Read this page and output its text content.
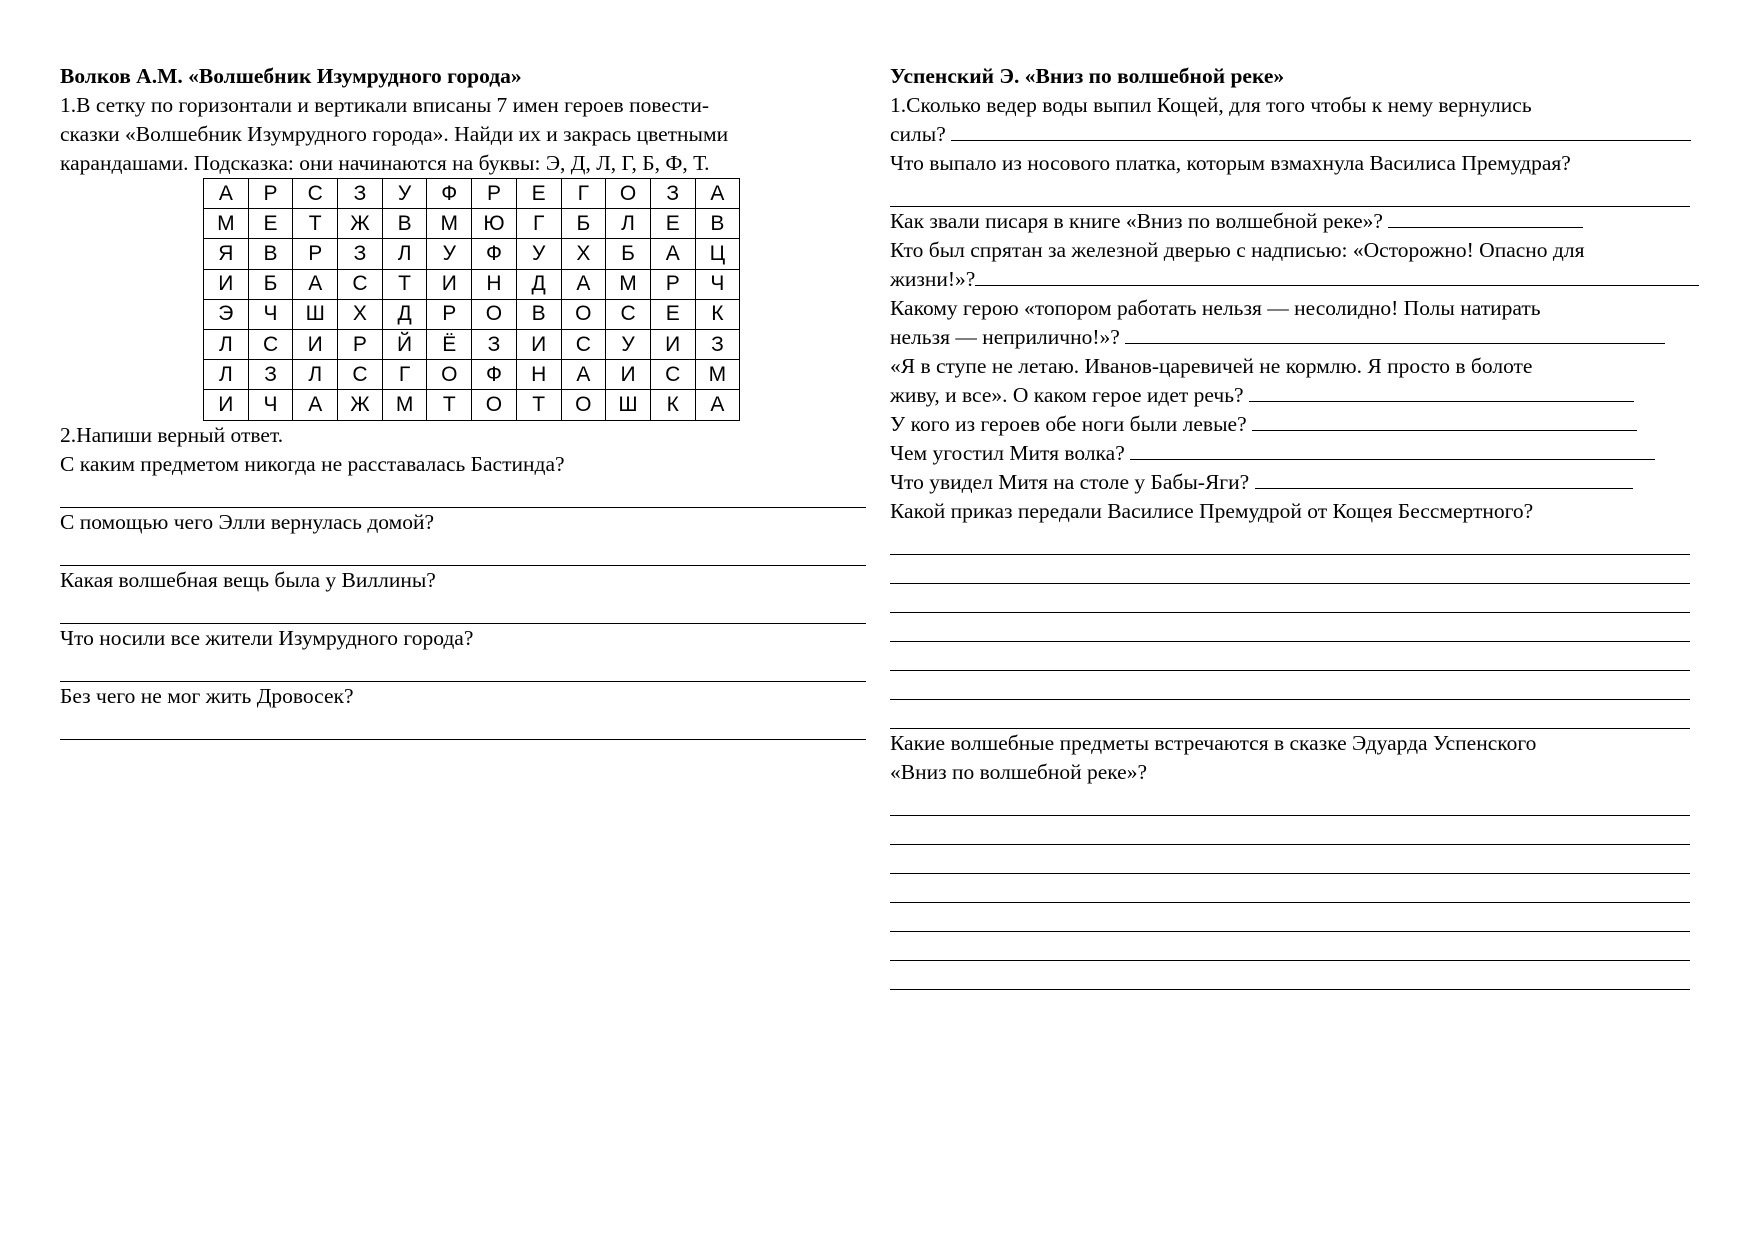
Волков А.М. «Волшебник Изумрудного города»
1.В сетку по горизонтали и вертикали вписаны 7 имен героев повести-
сказки «Волшебник Изумрудного города». Найди их и закрась цветными
карандашами. Подсказка: они начинаются на буквы: Э, Д, Л, Г, Б, Ф, Т.
А	Р	С	З	У	Ф	Р	Е	Г	О	З	А
М	Е	Т	Ж	В	М	Ю	Г	Б	Л	Е	В
Я	В	Р	З	Л	У	Ф	У	Х	Б	А	Ц
И	Б	А	С	Т	И	Н	Д	А	М	Р	Ч
Э	Ч	Ш	Х	Д	Р	О	В	О	С	Е	К
Л	С	И	Р	Й	Ё	З	И	С	У	И	З
Л	З	Л	С	Г	О	Ф	Н	А	И	С	М
И	Ч	А	Ж	М	Т	О	Т	О	Ш	К	А
2.Напиши верный ответ.
С каким предметом никогда не расставалась Бастинда?
С помощью чего Элли вернулась домой?
Какая волшебная вещь была у Виллины?
Что носили все жители Изумрудного города?
Без чего не мог жить Дровосек?
Успенский Э. «Вниз по волшебной реке»
1.Сколько ведер воды выпил Кощей, для того чтобы к нему вернулись
силы?
Что выпало из носового платка, которым взмахнула Василиса Премудрая?
Как звали писаря в книге «Вниз по волшебной реке»?
Кто был спрятан за железной дверью с надписью: «Осторожно! Опасно для
жизни!»?
Какому герою «топором работать нельзя — несолидно! Полы натирать
нельзя — неприлично!»?
«Я в ступе не летаю. Иванов-царевичей не кормлю. Я просто в болоте
живу, и все». О каком герое идет речь?
У кого из героев обе ноги были левые?
Чем угостил Митя волка?
Что увидел Митя на столе у Бабы-Яги?
Какой приказ передали Василисе Премудрой от Кощея Бессмертного?
Какие волшебные предметы встречаются в сказке Эдуарда Успенского
«Вниз по волшебной реке»?
